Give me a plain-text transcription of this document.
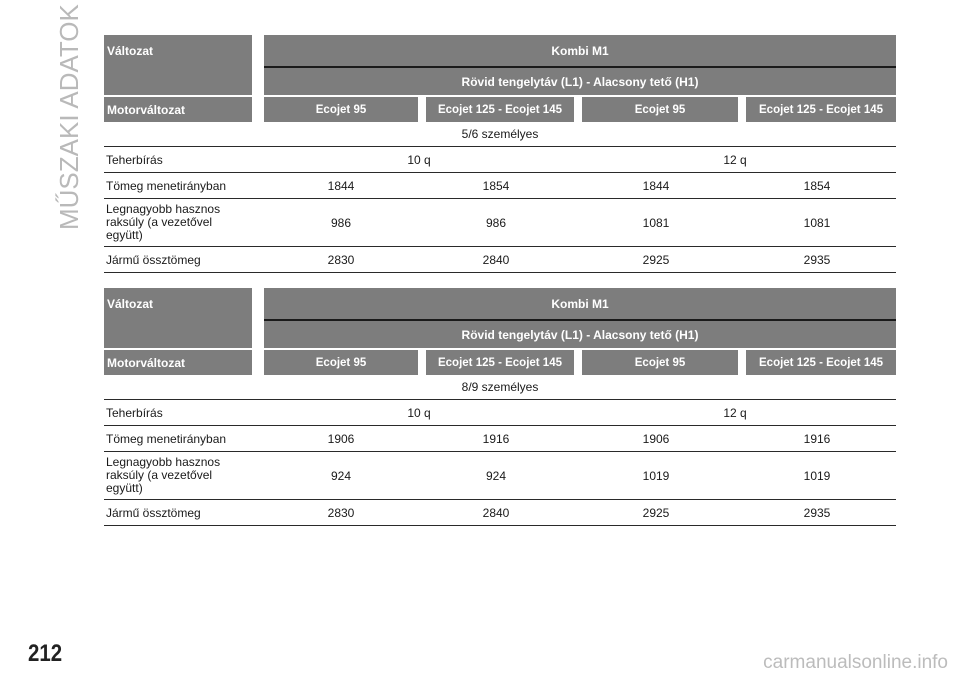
MŰSZAKI ADATOK Változat		Kombi M1						
		Rövid tengelytáv (L1) - Alacsony tető (H1)						
Motorváltozat		Ecojet 95		Ecojet 125 - Ecojet 145		Ecojet 95		Ecojet 125 - Ecojet 145
5/6 személyes								
Teherbírás		10 q			12 q			
Tömeg menetirányban		1844	1854		1844		1854	
Legnagyobb hasznos
raksúly (a vezetővel
együtt)		986	986		1081		1081	
Jármű össztömeg		2830	2840		2925		2935	
Változat		Kombi M1						
		Rövid tengelytáv (L1) - Alacsony tető (H1)						
Motorváltozat		Ecojet 95		Ecojet 125 - Ecojet 145		Ecojet 95		Ecojet 125 - Ecojet 145
8/9 személyes								
Teherbírás		10 q			12 q			
Tömeg menetirányban		1906	1916		1906		1916	
Legnagyobb hasznos
raksúly (a vezetővel
együtt)		924	924		1019		1019	
Jármű össztömeg		2830	2840		2925		2935	
212	carmanualsonline.info
